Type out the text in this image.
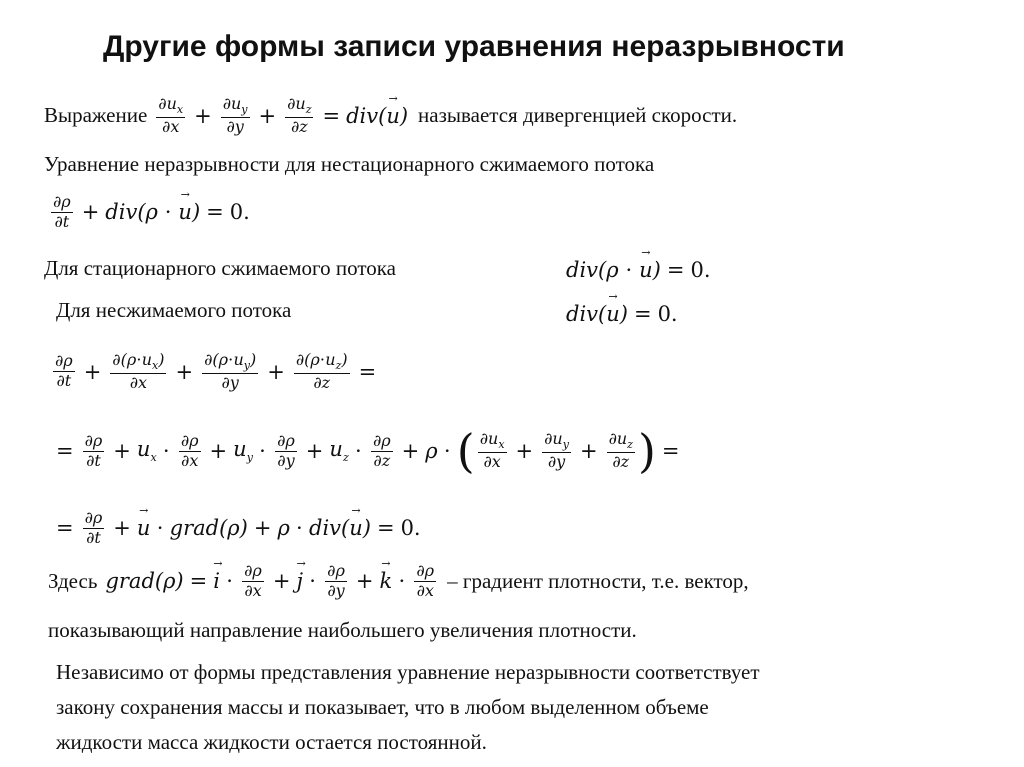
Другие формы записи уравнения неразрывности
Выражение $\partial u_x$
$\partial x + \frac{\partial u_y}{\partial y} + \frac{\partial u_z}{\partial z} = div(\to u)$ называется дивергенцией скорости.
Уравнение неразрывности для нестационарного сжимаемого потока
∂ρ
∂t + div(ρ ⋅ → u) = 0.
Для стационарного сжимаемого потока	div(ρ ⋅ → u) = 0.
Для несжимаемого потока	div(→ u) = 0.
∂ρ
$\partial t + \frac{\partial(\rho\cdot u_x)}{\partial x} + \frac{\partial(\rho\cdot u_y)}{\partial y} + \frac{\partial(\rho\cdot u_z)}{\partial z}$ =
= $\frac{\partial\rho}{\partial t} + u_x \cdot \partial\rho$
$\partial x + u_y \cdot \partial\rho$
$\partial y + u_z \cdot \partial\rho$
∂z + ρ ⋅ ( $\partial u_x$
$\partial x + \frac{\partial u_y}{\partial y} + \frac{\partial u_z}{\partial z}$ ) =
= $\frac{\partial\rho}{\partial t}$ + → u ⋅ grad(ρ) + ρ ⋅ div(→ u) = 0.
Здесь grad(ρ) = → i ⋅ ∂ρ
∂x + → j ⋅ ∂ρ
∂y + → k ⋅ ∂ρ
∂x – градиент плотности, т.е. вектор,
показывающий направление наибольшего увеличения плотности.
Независимо от формы представления уравнение неразрывности соответствует
закону сохранения массы и показывает, что в любом выделенном объеме
жидкости масса жидкости остается постоянной.
